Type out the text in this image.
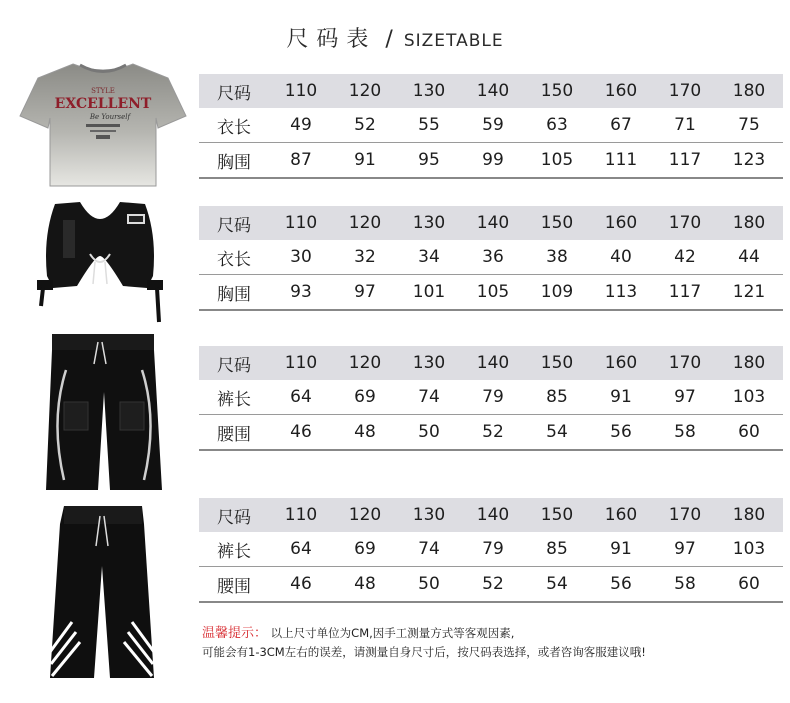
尺码表 / SIZETABLE
STYLE
EXCELLENT
Be Yourself
尺码	110	120	130	140	150	160	170	180
衣长	49	52	55	59	63	67	71	75
胸围	87	91	95	99	105	111	117	123
尺码	110	120	130	140	150	160	170	180
衣长	30	32	34	36	38	40	42	44
胸围	93	97	101	105	109	113	117	121
尺码	110	120	130	140	150	160	170	180
裤长	64	69	74	79	85	91	97	103
腰围	46	48	50	52	54	56	58	60
尺码	110	120	130	140	150	160	170	180
裤长	64	69	74	79	85	91	97	103
腰围	46	48	50	52	54	56	58	60
温馨提示： 以上尺寸单位为CM,因手工测量方式等客观因素,
可能会有1-3CM左右的误差，请测量自身尺寸后，按尺码表选择，或者咨询客服建议哦!
